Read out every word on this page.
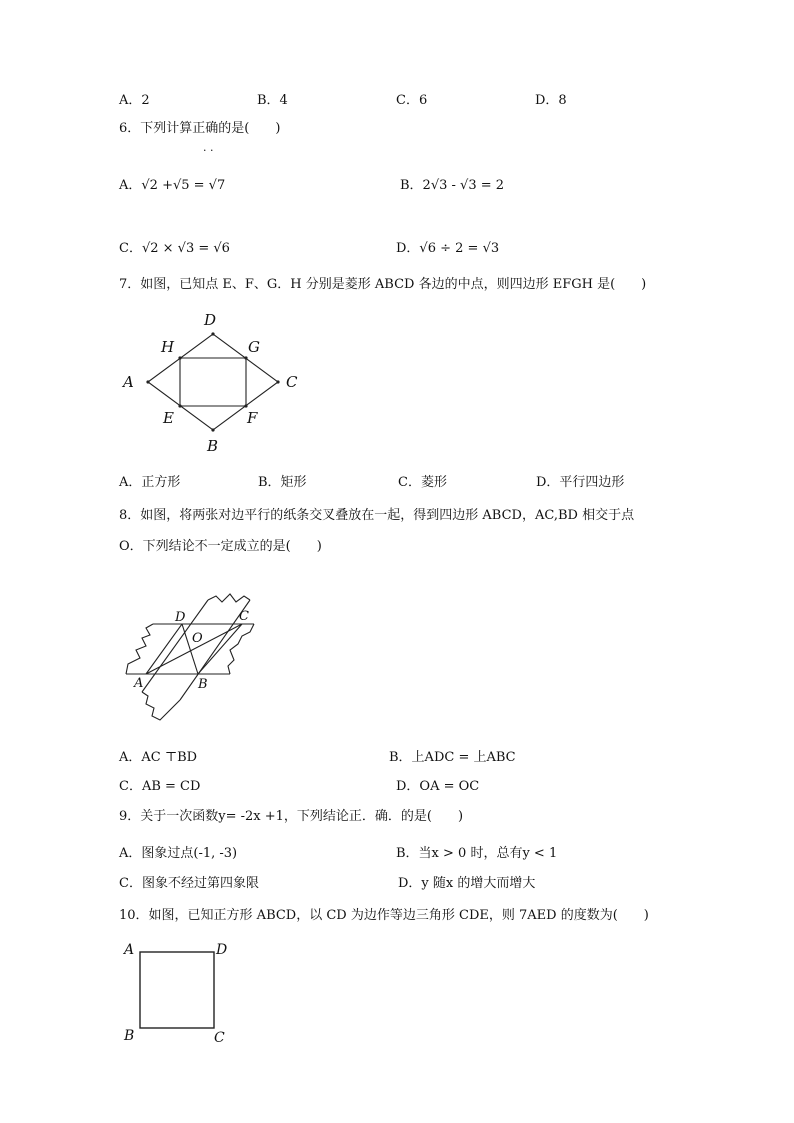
A．2	B．4	C．6	D．8
6．下列计算正确的是(　　)
· ·
A．√2 +√5 = √7	B．2√3 - √3 = 2
C．√2 × √3 = √6	D．√6 ÷ 2 = √3
7．如图，已知点 E、F、G．H 分别是菱形 ABCD 各边的中点，则四边形 EFGH 是(　　)
A
D
C
B
H	G
E	F
A．正方形	B．矩形	C．菱形	D．平行四边形
8．如图，将两张对边平行的纸条交叉叠放在一起，得到四边形 ABCD，AC,BD 相交于点
O．下列结论不一定成立的是(　　)
A	B
C
D
O
A．AC ⊤BD	B．上ADC = 上ABC
C．AB = CD	D．OA = OC
9．关于一次函数y= -2x +1，下列结论正．确．的是(　　)
A．图象过点(-1, -3)	B．当x > 0 时，总有y < 1
C．图象不经过第四象限	D．y 随x 的增大而增大
10．如图，已知正方形 ABCD，以 CD 为边作等边三角形 CDE，则 7AED 的度数为(　　)
A	D
B	C
